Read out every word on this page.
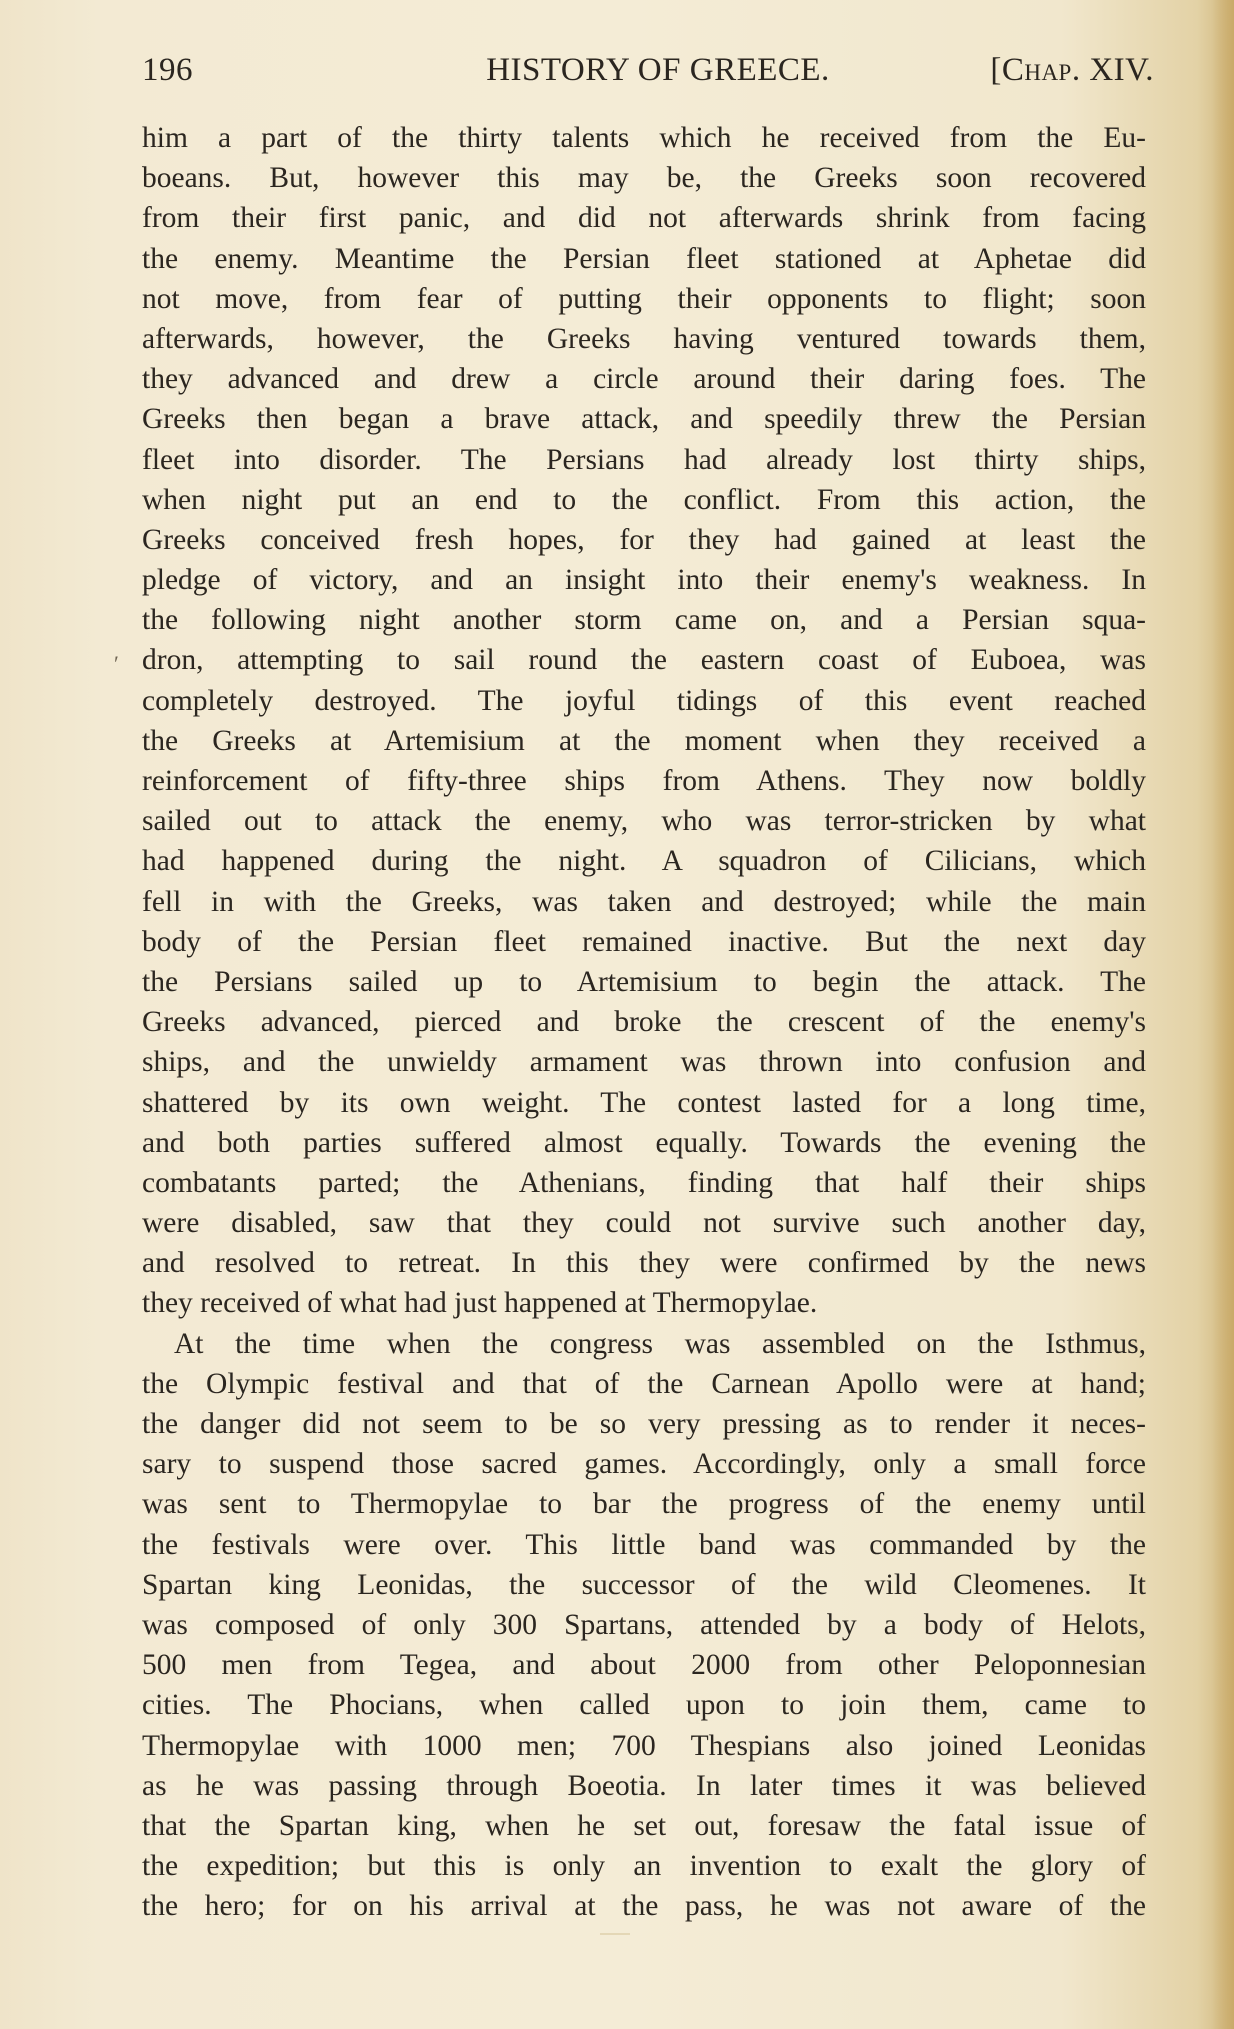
196	HISTORY OF GREECE.	[Chap. XIV.
′
him a part of the thirty talents which he received from the Eu-
boeans. But, however this may be, the Greeks soon recovered
from their first panic, and did not afterwards shrink from facing
the enemy. Meantime the Persian fleet stationed at Aphetae did
not move, from fear of putting their opponents to flight; soon
afterwards, however, the Greeks having ventured towards them,
they advanced and drew a circle around their daring foes. The
Greeks then began a brave attack, and speedily threw the Persian
fleet into disorder. The Persians had already lost thirty ships,
when night put an end to the conflict. From this action, the
Greeks conceived fresh hopes, for they had gained at least the
pledge of victory, and an insight into their enemy's weakness. In
the following night another storm came on, and a Persian squa-
dron, attempting to sail round the eastern coast of Euboea, was
completely destroyed. The joyful tidings of this event reached
the Greeks at Artemisium at the moment when they received a
reinforcement of fifty-three ships from Athens. They now boldly
sailed out to attack the enemy, who was terror-stricken by what
had happened during the night. A squadron of Cilicians, which
fell in with the Greeks, was taken and destroyed; while the main
body of the Persian fleet remained inactive. But the next day
the Persians sailed up to Artemisium to begin the attack. The
Greeks advanced, pierced and broke the crescent of the enemy's
ships, and the unwieldy armament was thrown into confusion and
shattered by its own weight. The contest lasted for a long time,
and both parties suffered almost equally. Towards the evening the
combatants parted; the Athenians, finding that half their ships
were disabled, saw that they could not survive such another day,
and resolved to retreat. In this they were confirmed by the news
they received of what had just happened at Thermopylae.
At the time when the congress was assembled on the Isthmus,
the Olympic festival and that of the Carnean Apollo were at hand;
the danger did not seem to be so very pressing as to render it neces-
sary to suspend those sacred games. Accordingly, only a small force
was sent to Thermopylae to bar the progress of the enemy until
the festivals were over. This little band was commanded by the
Spartan king Leonidas, the successor of the wild Cleomenes. It
was composed of only 300 Spartans, attended by a body of Helots,
500 men from Tegea, and about 2000 from other Peloponnesian
cities. The Phocians, when called upon to join them, came to
Thermopylae with 1000 men; 700 Thespians also joined Leonidas
as he was passing through Boeotia. In later times it was believed
that the Spartan king, when he set out, foresaw the fatal issue of
the expedition; but this is only an invention to exalt the glory of
the hero; for on his arrival at the pass, he was not aware of the
